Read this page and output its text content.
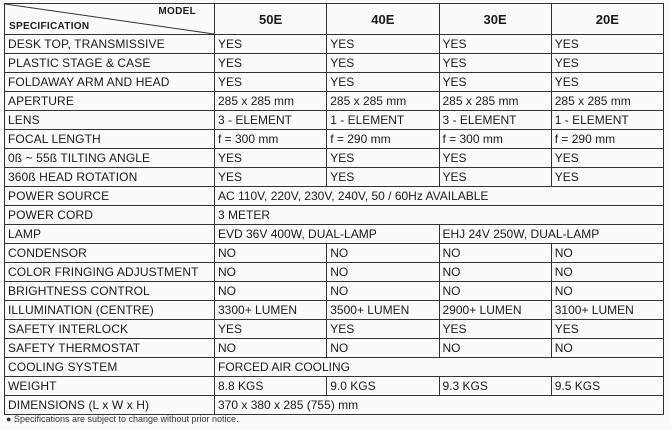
MODEL
SPECIFICATION	50E	40E	30E	20E
DESK TOP, TRANSMISSIVE	YES	YES	YES	YES
PLASTIC STAGE & CASE	YES	YES	YES	YES
FOLDAWAY ARM AND HEAD	YES	YES	YES	YES
APERTURE	285 x 285 mm	285 x 285 mm	285 x 285 mm	285 x 285 mm
LENS	3 - ELEMENT	1 - ELEMENT	3 - ELEMENT	1 - ELEMENT
FOCAL LENGTH	f = 300 mm	f = 290 mm	f = 300 mm	f = 290 mm
0ß ~ 55ß TILTING ANGLE	YES	YES	YES	YES
360ß HEAD ROTATION	YES	YES	YES	YES
POWER SOURCE	AC 110V, 220V, 230V, 240V, 50 / 60Hz AVAILABLE			
POWER CORD	3 METER			
LAMP	EVD 36V 400W, DUAL-LAMP		EHJ 24V 250W, DUAL-LAMP	
CONDENSOR	NO	NO	NO	NO
COLOR FRINGING ADJUSTMENT	NO	NO	NO	NO
BRIGHTNESS CONTROL	NO	NO	NO	NO
ILLUMINATION (CENTRE)	3300+ LUMEN	3500+ LUMEN	2900+ LUMEN	3100+ LUMEN
SAFETY INTERLOCK	YES	YES	YES	YES
SAFETY THERMOSTAT	NO	NO	NO	NO
COOLING SYSTEM	FORCED AIR COOLING			
WEIGHT	8.8 KGS	9.0 KGS	9.3 KGS	9.5 KGS
DIMENSIONS (L x W x H)	370 x 380 x 285 (755) mm			
● Specifications are subject to change without prior notice.
